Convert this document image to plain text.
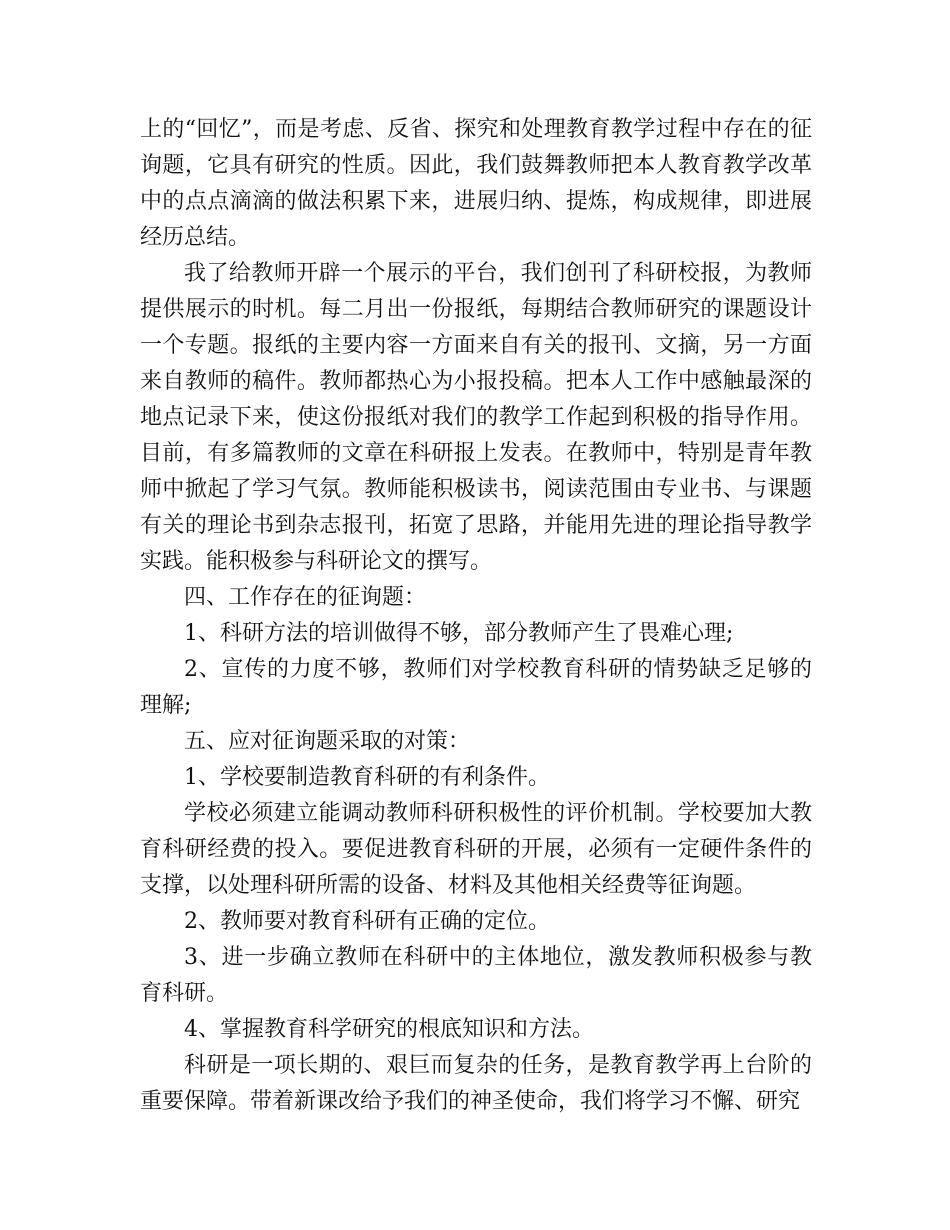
上的“回忆”，而是考虑、反省、探究和处理教育教学过程中存在的征询题，它具有研究的性质。因此，我们鼓舞教师把本人教育教学改革中的点点滴滴的做法积累下来，进展归纳、提炼，构成规律，即进展经历总结。

我了给教师开辟一个展示的平台，我们创刊了科研校报，为教师提供展示的时机。每二月出一份报纸，每期结合教师研究的课题设计一个专题。报纸的主要内容一方面来自有关的报刊、文摘，另一方面来自教师的稿件。教师都热心为小报投稿。把本人工作中感触最深的地点记录下来，使这份报纸对我们的教学工作起到积极的指导作用。目前，有多篇教师的文章在科研报上发表。在教师中，特别是青年教师中掀起了学习气氛。教师能积极读书，阅读范围由专业书、与课题有关的理论书到杂志报刊，拓宽了思路，并能用先进的理论指导教学实践。能积极参与科研论文的撰写。

四、工作存在的征询题：

1、科研方法的培训做得不够，部分教师产生了畏难心理;

2、宣传的力度不够，教师们对学校教育科研的情势缺乏足够的理解;

五、应对征询题采取的对策：

1、学校要制造教育科研的有利条件。

学校必须建立能调动教师科研积极性的评价机制。学校要加大教育科研经费的投入。要促进教育科研的开展，必须有一定硬件条件的支撑，以处理科研所需的设备、材料及其他相关经费等征询题。

2、教师要对教育科研有正确的定位。

3、进一步确立教师在科研中的主体地位，激发教师积极参与教育科研。

4、掌握教育科学研究的根底知识和方法。

科研是一项长期的、艰巨而复杂的任务，是教育教学再上台阶的重要保障。带着新课改给予我们的神圣使命，我们将学习不懈、研究
